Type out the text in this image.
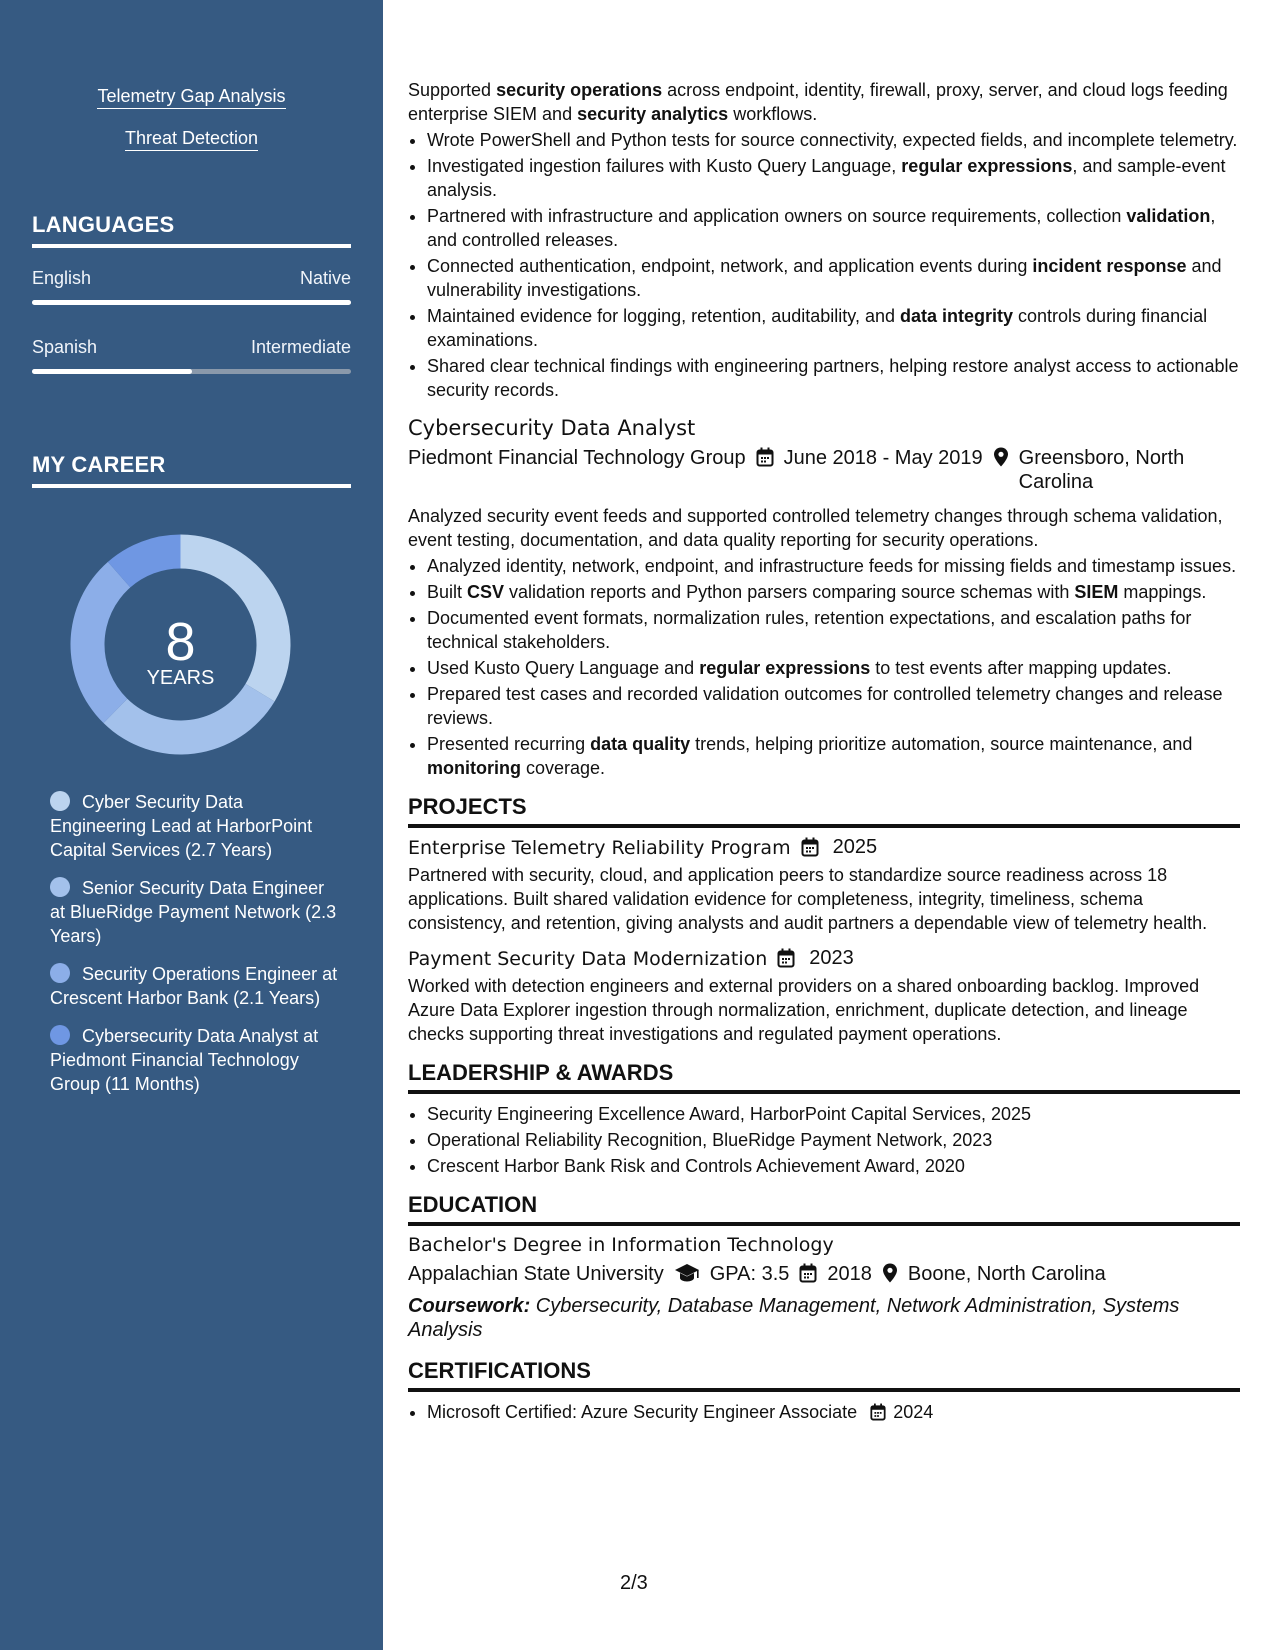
Telemetry Gap Analysis
Threat Detection
LANGUAGES
English	Native
Spanish	Intermediate
MY CAREER
8
YEARS
Cyber Security Data Engineering Lead at HarborPoint Capital Services (2.7 Years)
Senior Security Data Engineer at BlueRidge Payment Network (2.3 Years)
Security Operations Engineer at Crescent Harbor Bank (2.1 Years)
Cybersecurity Data Analyst at Piedmont Financial Technology Group (11 Months)

Supported security operations across endpoint, identity, firewall, proxy, server, and cloud logs feeding enterprise SIEM and security analytics workflows.

• Wrote PowerShell and Python tests for source connectivity, expected fields, and incomplete telemetry.
• Investigated ingestion failures with Kusto Query Language, regular expressions, and sample-event analysis.
• Partnered with infrastructure and application owners on source requirements, collection validation, and controlled releases.
• Connected authentication, endpoint, network, and application events during incident response and vulnerability investigations.
• Maintained evidence for logging, retention, auditability, and data integrity controls during financial examinations.
• Shared clear technical findings with engineering partners, helping restore analyst access to actionable security records.
Cybersecurity Data Analyst
Piedmont Financial Technology Group June 2018 - May 2019 Greensboro, North Carolina

Analyzed security event feeds and supported controlled telemetry changes through schema validation, event testing, documentation, and data quality reporting for security operations.

• Analyzed identity, network, endpoint, and infrastructure feeds for missing fields and timestamp issues.
• Built CSV validation reports and Python parsers comparing source schemas with SIEM mappings.
• Documented event formats, normalization rules, retention expectations, and escalation paths for technical stakeholders.
• Used Kusto Query Language and regular expressions to test events after mapping updates.
• Prepared test cases and recorded validation outcomes for controlled telemetry changes and release reviews.
• Presented recurring data quality trends, helping prioritize automation, source maintenance, and monitoring coverage.
PROJECTS
Enterprise Telemetry Reliability Program 2025

Partnered with security, cloud, and application peers to standardize source readiness across 18 applications. Built shared validation evidence for completeness, integrity, timeliness, schema consistency, and retention, giving analysts and audit partners a dependable view of telemetry health.

Payment Security Data Modernization 2023

Worked with detection engineers and external providers on a shared onboarding backlog. Improved Azure Data Explorer ingestion through normalization, enrichment, duplicate detection, and lineage checks supporting threat investigations and regulated payment operations.

LEADERSHIP & AWARDS
• Security Engineering Excellence Award, HarborPoint Capital Services, 2025
• Operational Reliability Recognition, BlueRidge Payment Network, 2023
• Crescent Harbor Bank Risk and Controls Achievement Award, 2020
EDUCATION
Bachelor's Degree in Information Technology
Appalachian State University GPA: 3.5 2018 Boone, North Carolina
Coursework: Cybersecurity, Database Management, Network Administration, Systems Analysis
CERTIFICATIONS
• Microsoft Certified: Azure Security Engineer Associate 2024
2/3
